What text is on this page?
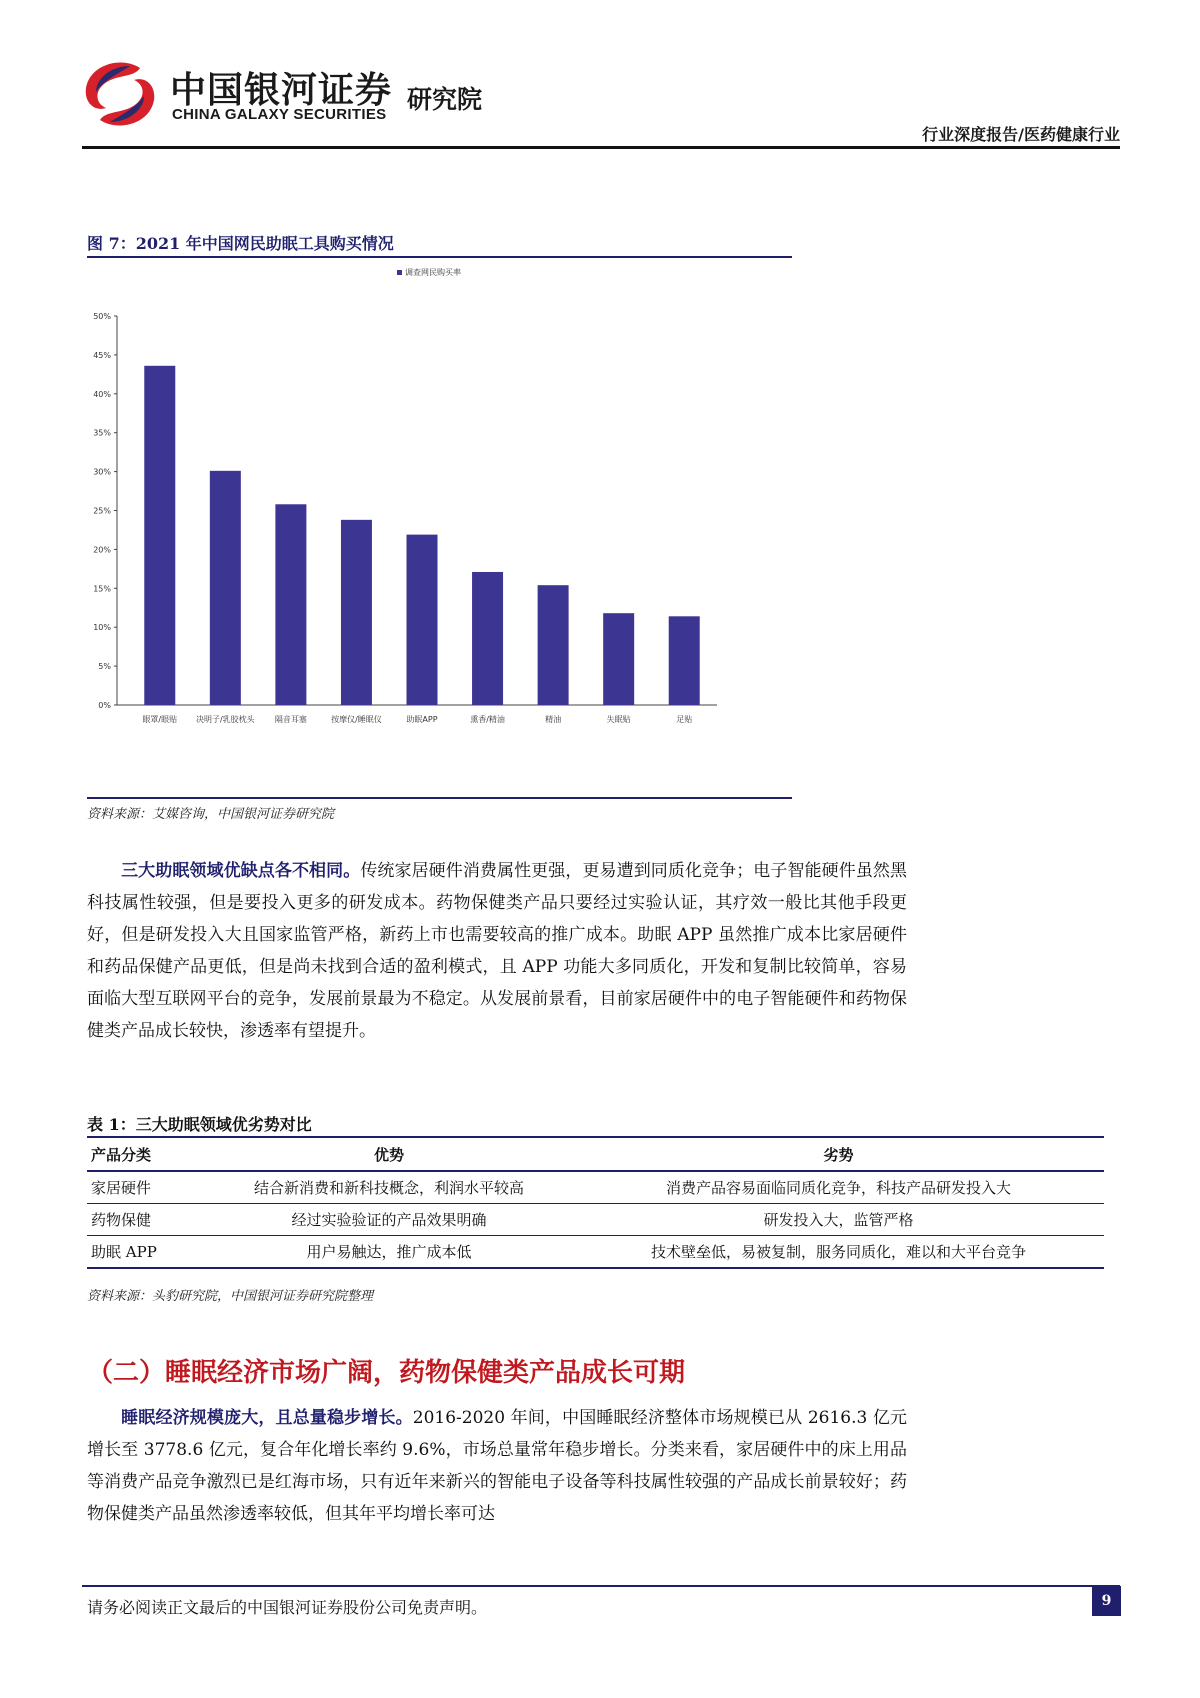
中国银河证券
CHINA GALAXY SECURITIES
研究院
行业深度报告/医药健康行业
图 7：2021 年中国网民助眠工具购买情况
调查网民购买率
0%
5%
10%
15%
20%
25%
30%
35%
40%
45%
50%
眼罩/眼贴 决明子/乳胶枕头	隔音耳塞	按摩仪/睡眠仪	助眠APP	熏香/精油	精油	失眠贴	足贴
资料来源：艾媒咨询，中国银河证券研究院

三大助眠领域优缺点各不相同。传统家居硬件消费属性更强，更易遭到同质化竞争；电子智能硬件虽然黑科技属性较强，但是要投入更多的研发成本。药物保健类产品只要经过实验认证，其疗效一般比其他手段更好，但是研发投入大且国家监管严格，新药上市也需要较高的推广成本。助眠 APP 虽然推广成本比家居硬件和药品保健产品更低，但是尚未找到合适的盈利模式，且 APP 功能大多同质化，开发和复制比较简单，容易面临大型互联网平台的竞争，发展前景最为不稳定。从发展前景看，目前家居硬件中的电子智能硬件和药物保健类产品成长较快，渗透率有望提升。

表 1：三大助眠领域优劣势对比
产品分类	优势	劣势
家居硬件	结合新消费和新科技概念，利润水平较高	消费产品容易面临同质化竞争，科技产品研发投入大
药物保健	经过实验验证的产品效果明确	研发投入大，监管严格
助眠 APP	用户易触达，推广成本低	技术壁垒低，易被复制，服务同质化，难以和大平台竞争
资料来源：头豹研究院，中国银河证券研究院整理
（二）睡眠经济市场广阔，药物保健类产品成长可期

睡眠经济规模庞大，且总量稳步增长。2016-2020 年间，中国睡眠经济整体市场规模已从 2616.3 亿元增长至 3778.6 亿元，复合年化增长率约 9.6%，市场总量常年稳步增长。分类来看，家居硬件中的床上用品等消费产品竞争激烈已是红海市场，只有近年来新兴的智能电子设备等科技属性较强的产品成长前景较好；药物保健类产品虽然渗透率较低，但其年平均增长率可达

请务必阅读正文最后的中国银河证券股份公司免责声明。	9
